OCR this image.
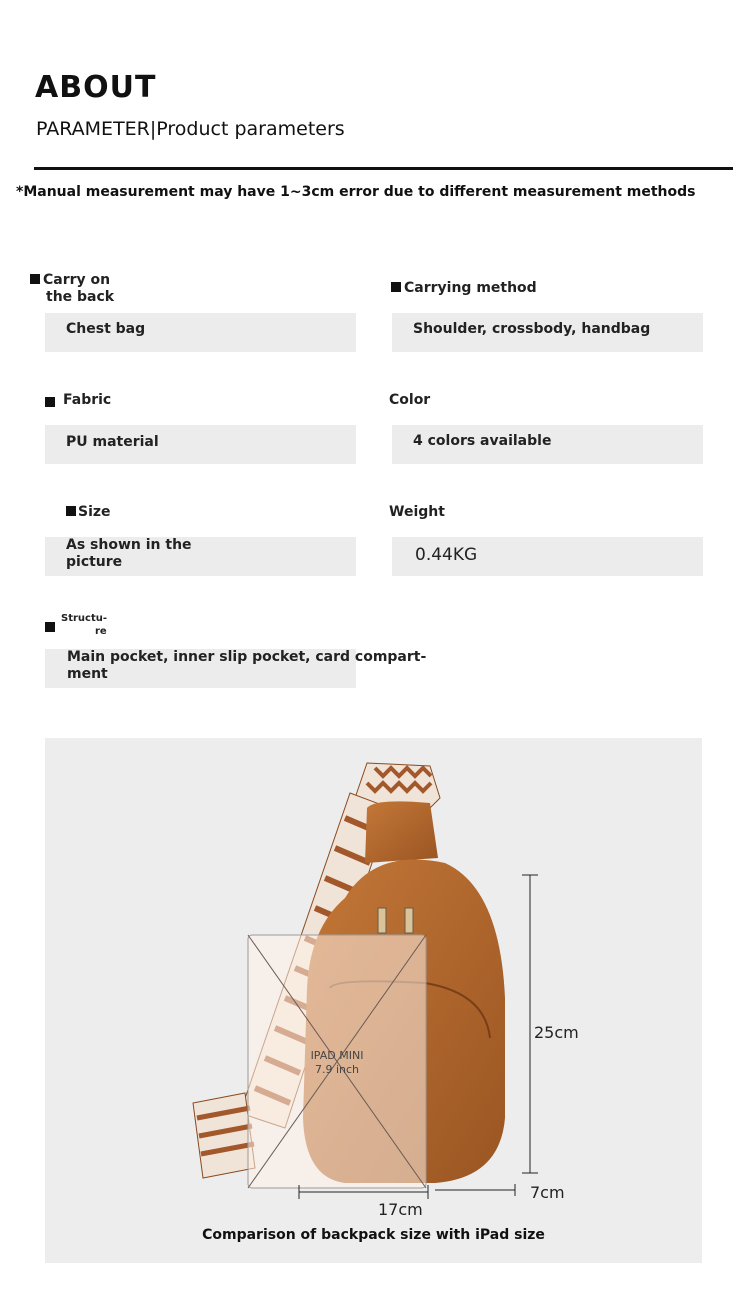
ABOUT
PARAMETER|Product parameters
*Manual measurement may have 1~3cm error due to different measurement methods
Carry on
the back
Chest bag
Carrying method
Shoulder, crossbody, handbag
Fabric
PU material
Color
4 colors available
Size
As shown in the
picture
Weight
0.44KG
Structu-
re
Main pocket, inner slip pocket, card compart-
ment
IPAD MINI
7.9 inch
25cm
17cm
7cm
Comparison of backpack size with iPad size
